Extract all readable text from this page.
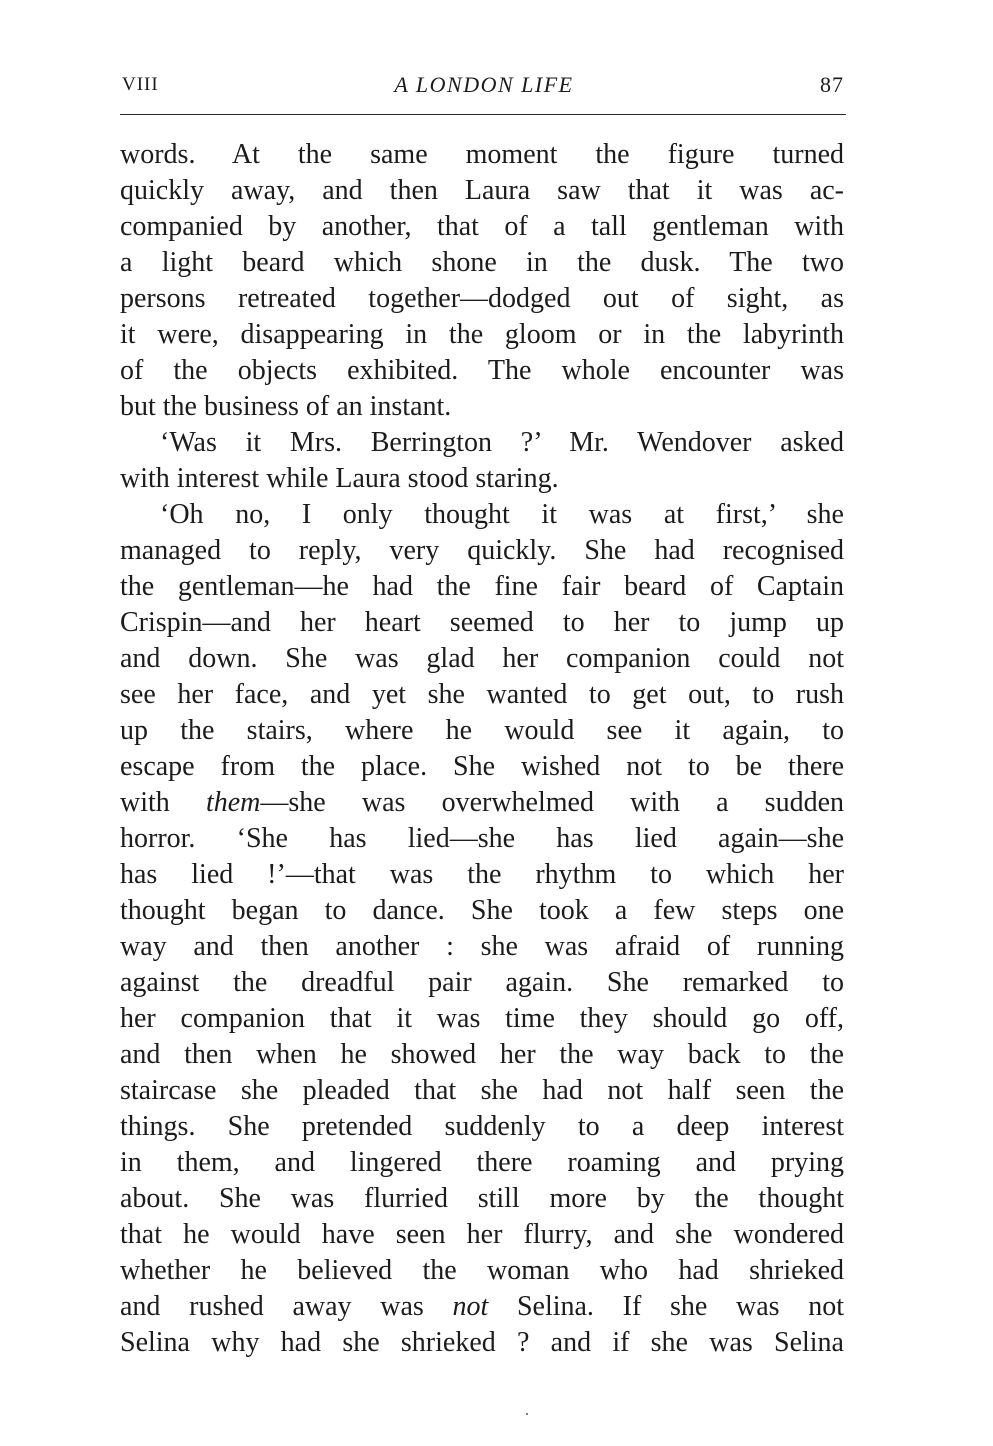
VIII	A LONDON LIFE	87
words. At the same moment the figure turned
quickly away, and then Laura saw that it was ac-
companied by another, that of a tall gentleman with
a light beard which shone in the dusk. The two
persons retreated together—dodged out of sight, as
it were, disappearing in the gloom or in the labyrinth
of the objects exhibited. The whole encounter was
but the business of an instant.
‘Was it Mrs. Berrington ?’ Mr. Wendover asked
with interest while Laura stood staring.
‘Oh no, I only thought it was at first,’ she
managed to reply, very quickly. She had recognised
the gentleman—he had the fine fair beard of Captain
Crispin—and her heart seemed to her to jump up
and down. She was glad her companion could not
see her face, and yet she wanted to get out, to rush
up the stairs, where he would see it again, to
escape from the place. She wished not to be there
with them—she was overwhelmed with a sudden
horror. ‘She has lied—she has lied again—she
has lied !’—that was the rhythm to which her
thought began to dance. She took a few steps one
way and then another : she was afraid of running
against the dreadful pair again. She remarked to
her companion that it was time they should go off,
and then when he showed her the way back to the
staircase she pleaded that she had not half seen the
things. She pretended suddenly to a deep interest
in them, and lingered there roaming and prying
about. She was flurried still more by the thought
that he would have seen her flurry, and she wondered
whether he believed the woman who had shrieked
and rushed away was not Selina. If she was not
Selina why had she shrieked ? and if she was Selina
